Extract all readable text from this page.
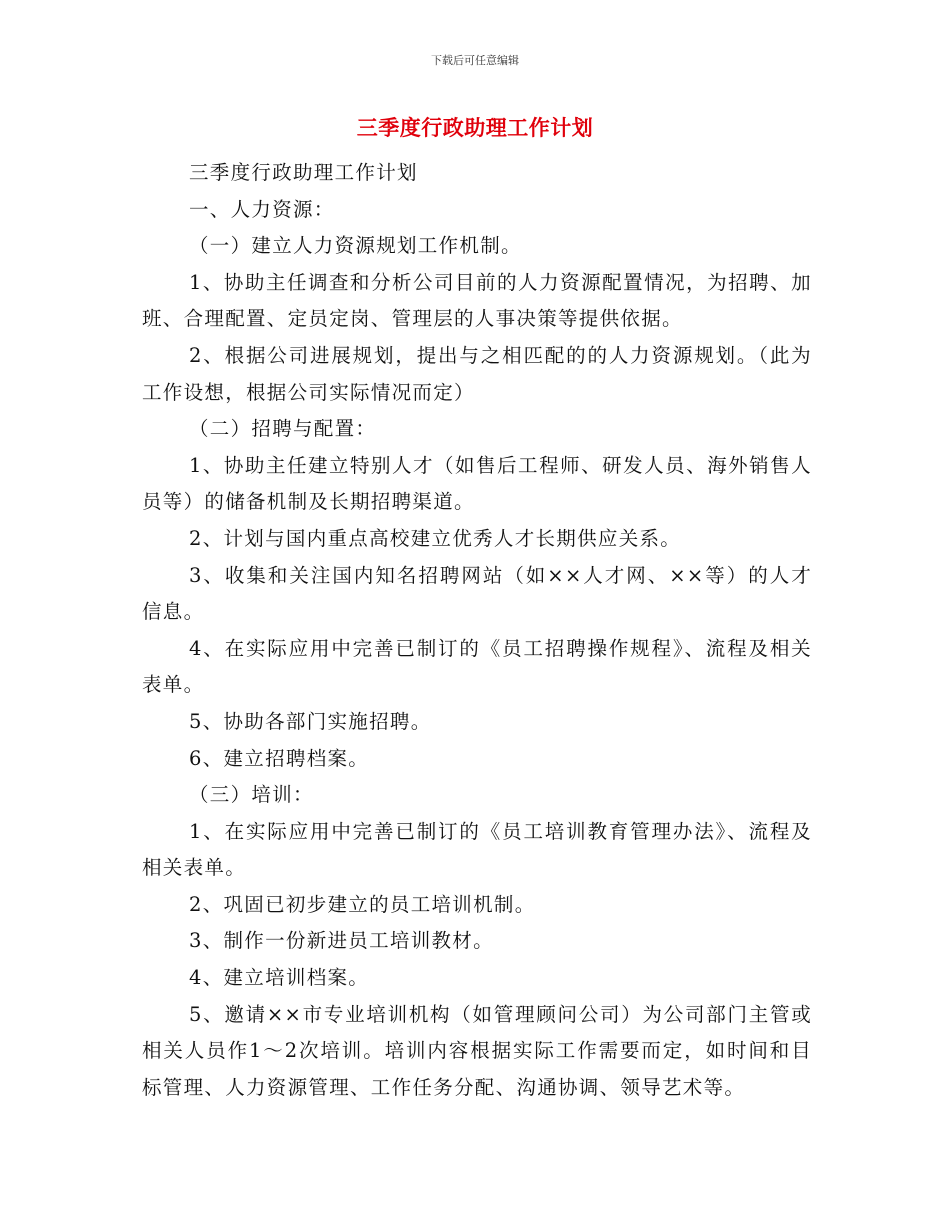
下载后可任意编辑
三季度行政助理工作计划

三季度行政助理工作计划

一、人力资源：

（一）建立人力资源规划工作机制。

1、协助主任调查和分析公司目前的人力资源配置情况，为招聘、加班、合理配置、定员定岗、管理层的人事决策等提供依据。

2、根据公司进展规划，提出与之相匹配的的人力资源规划。（此为工作设想，根据公司实际情况而定）

（二）招聘与配置：

1、协助主任建立特别人才（如售后工程师、研发人员、海外销售人员等）的储备机制及长期招聘渠道。

2、计划与国内重点高校建立优秀人才长期供应关系。

3、收集和关注国内知名招聘网站（如××人才网、××等）的人才信息。

4、在实际应用中完善已制订的《员工招聘操作规程》、流程及相关表单。

5、协助各部门实施招聘。

6、建立招聘档案。

（三）培训：

1、在实际应用中完善已制订的《员工培训教育管理办法》、流程及相关表单。

2、巩固已初步建立的员工培训机制。

3、制作一份新进员工培训教材。

4、建立培训档案。

5、邀请××市专业培训机构（如管理顾问公司）为公司部门主管或相关人员作1～2次培训。培训内容根据实际工作需要而定，如时间和目标管理、人力资源管理、工作任务分配、沟通协调、领导艺术等。
